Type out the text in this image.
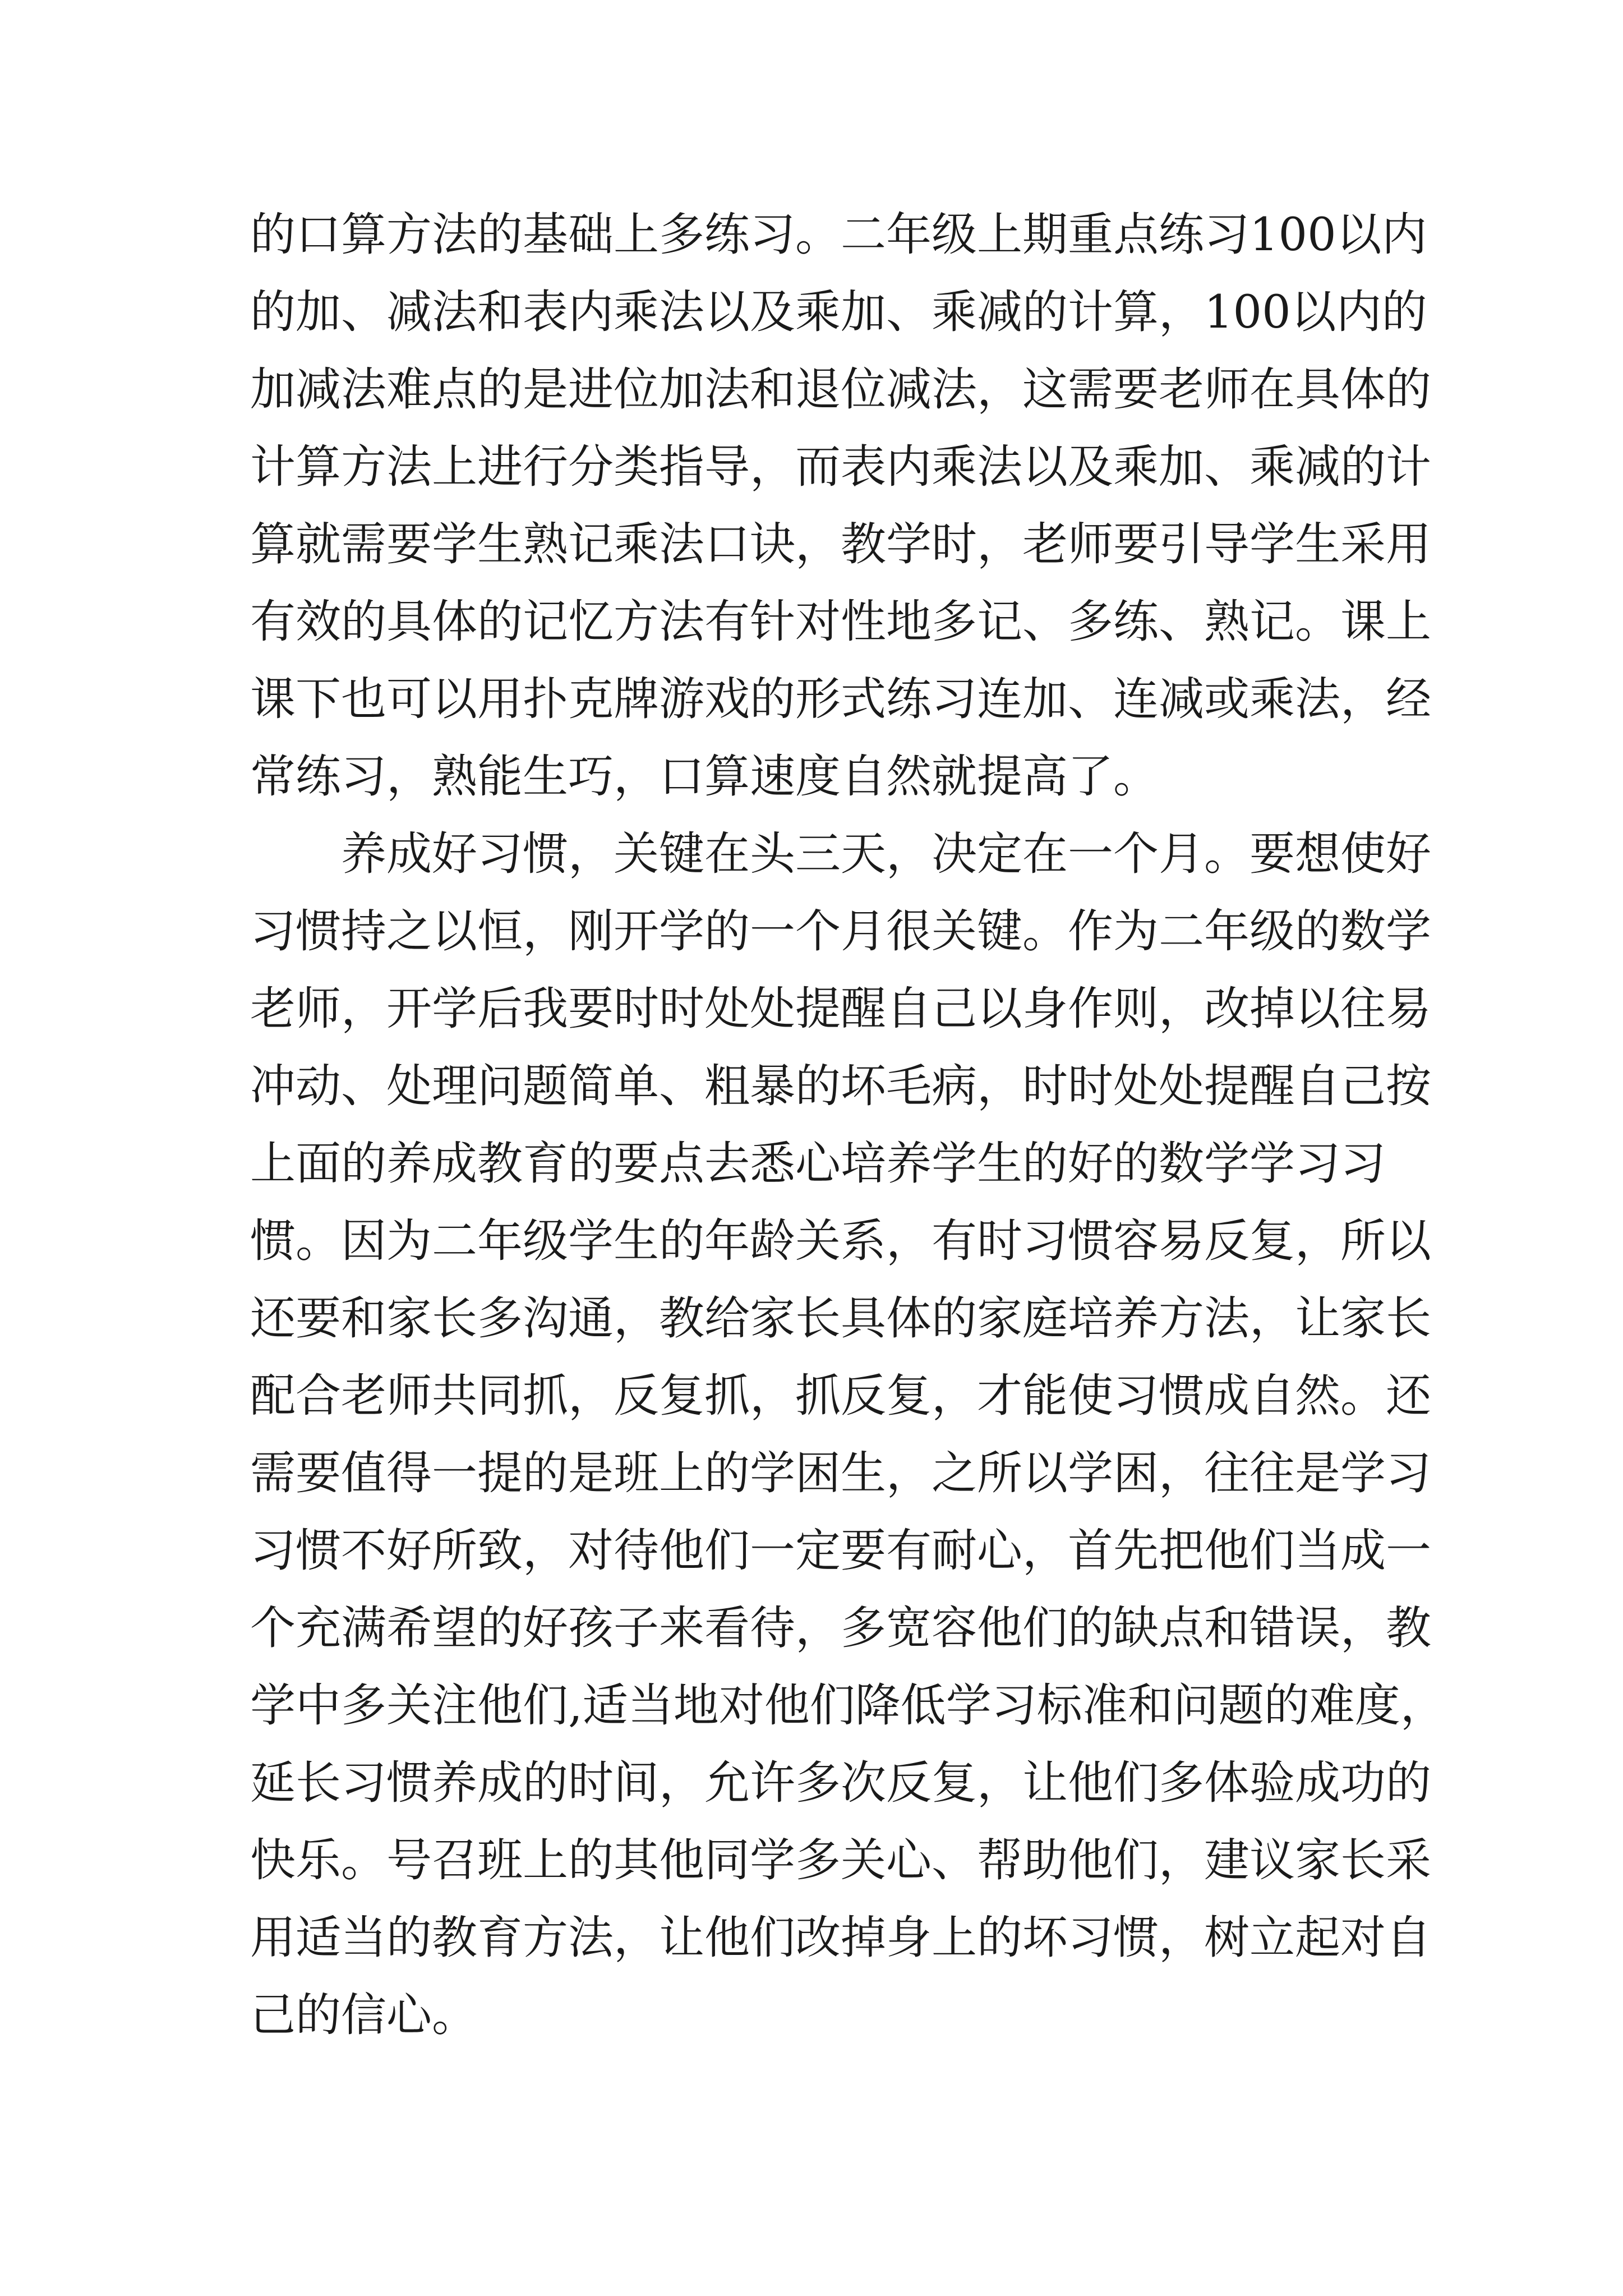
的口算方法的基础上多练习。二年级上期重点练习100以内
的加、减法和表内乘法以及乘加、乘减的计算，100以内的
加减法难点的是进位加法和退位减法，这需要老师在具体的
计算方法上进行分类指导，而表内乘法以及乘加、乘减的计
算就需要学生熟记乘法口诀，教学时，老师要引导学生采用
有效的具体的记忆方法有针对性地多记、多练、熟记。课上
课下也可以用扑克牌游戏的形式练习连加、连减或乘法，经
常练习，熟能生巧，口算速度自然就提高了。
养成好习惯，关键在头三天，决定在一个月。要想使好
习惯持之以恒，刚开学的一个月很关键。作为二年级的数学
老师，开学后我要时时处处提醒自己以身作则，改掉以往易
冲动、处理问题简单、粗暴的坏毛病，时时处处提醒自己按
上面的养成教育的要点去悉心培养学生的好的数学学习习
惯。因为二年级学生的年龄关系，有时习惯容易反复，所以
还要和家长多沟通，教给家长具体的家庭培养方法，让家长
配合老师共同抓，反复抓，抓反复，才能使习惯成自然。还
需要值得一提的是班上的学困生，之所以学困，往往是学习
习惯不好所致，对待他们一定要有耐心，首先把他们当成一
个充满希望的好孩子来看待，多宽容他们的缺点和错误，教
学中多关注他们,适当地对他们降低学习标准和问题的难度，
延长习惯养成的时间，允许多次反复，让他们多体验成功的
快乐。号召班上的其他同学多关心、帮助他们，建议家长采
用适当的教育方法，让他们改掉身上的坏习惯，树立起对自
己的信心。
